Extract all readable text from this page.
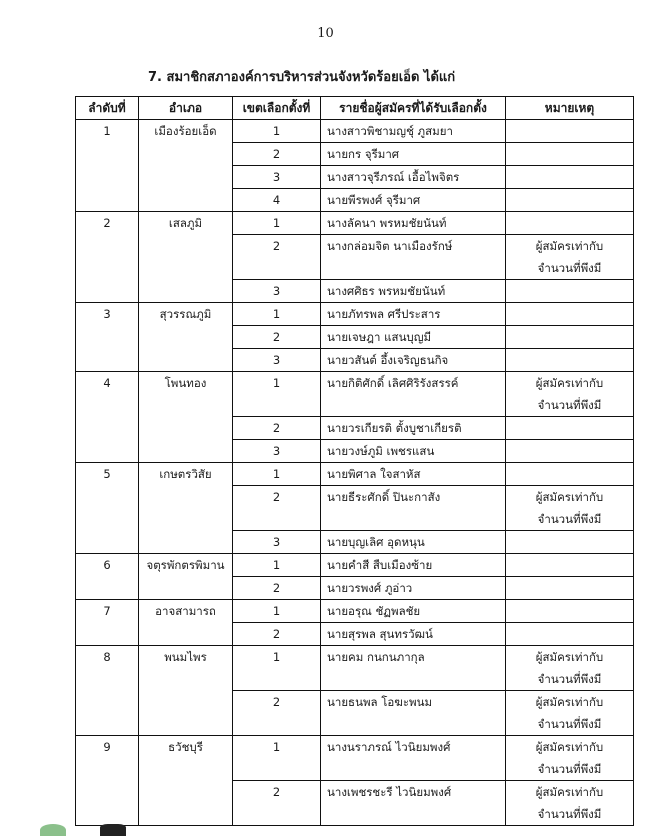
10
7. สมาชิกสภาองค์การบริหารส่วนจังหวัดร้อยเอ็ด ได้แก่
ลำดับที่	อำเภอ	เขตเลือกตั้งที่	รายชื่อผู้สมัครที่ได้รับเลือกตั้ง	หมายเหตุ
1	เมืองร้อยเอ็ด	1	นางสาวพิชามญชุ์ ภูสมยา	
		2	นายกร จุรีมาศ	
		3	นางสาวจุรีภรณ์ เอื้อไพจิตร	
		4	นายพีรพงศ์ จุรีมาศ	
2	เสลภูมิ	1	นางลัคนา พรหมชัยนันท์	
		2	นางกล่อมจิต นาเมืองรักษ์	ผู้สมัครเท่ากับ
จำนวนที่พึงมี

		3	นางศศิธร พรหมชัยนันท์	
3	สุวรรณภูมิ	1	นายภัทรพล ศรีประสาร	
		2	นายเจษฎา แสนบุญมี	
		3	นายวสันต์ อึ้งเจริญธนกิจ	
4	โพนทอง	1	นายกิติศักดิ์ เลิศศิริรังสรรค์	ผู้สมัครเท่ากับ
จำนวนที่พึงมี

		2	นายวรเกียรติ ตั้งบูชาเกียรติ	
		3	นายวงษ์ภูมิ เพชรแสน	
5	เกษตรวิสัย	1	นายพิศาล ใจสาหัส	
		2	นายธีระศักดิ์ ปินะกาสัง	ผู้สมัครเท่ากับ
จำนวนที่พึงมี

		3	นายบุญเลิศ อุดหนุน	
6	จตุรพักตรพิมาน	1	นายคำสี สืบเมืองซ้าย	
		2	นายวรพงศ์ ภูอ่าว	
7	อาจสามารถ	1	นายอรุณ ชัฏพลชัย	
		2	นายสุรพล สุนทรวัฒน์	
8	พนมไพร	1	นายคม กนกนภากุล	ผู้สมัครเท่ากับ
จำนวนที่พึงมี

		2	นายธนพล โอฆะพนม	ผู้สมัครเท่ากับ
จำนวนที่พึงมี

9	ธวัชบุรี	1	นางนราภรณ์ ไวนิยมพงศ์	ผู้สมัครเท่ากับ
จำนวนที่พึงมี

		2	นางเพชรชะรี ไวนิยมพงศ์	ผู้สมัครเท่ากับ
จำนวนที่พึงมี
